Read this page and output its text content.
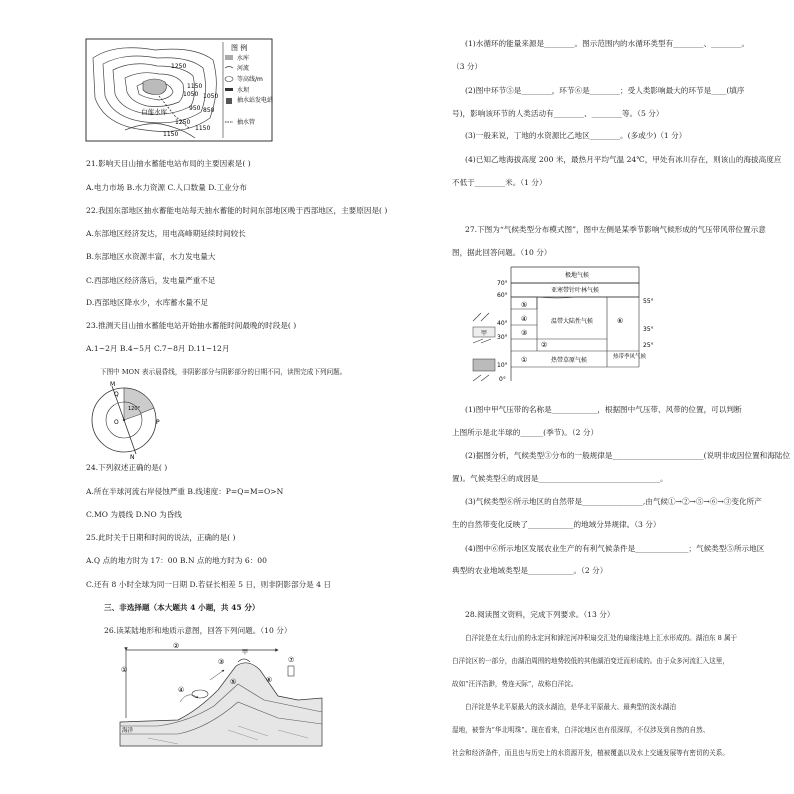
1250
1050
1150
1250
1050
950 850
1150
1150
白莲水库
图 例
水库
河流
等高线/m
水坝
抽水站发电站
抽水管
21.影响天目山抽水蓄能电站布局的主要因素是( )
A.电力市场 B.水力资源 C.人口数量 D.工业分布
22.我国东部地区抽水蓄能电站每天抽水蓄能的时间东部地区晚于西部地区，主要原因是( )
A.东部地区经济发达，用电高峰期延续时间较长
B.东部地区水资源丰富，水力发电量大
C.西部地区经济落后，发电量严重不足
D.西部地区降水少，水库蓄水量不足
23.推测天目山抽水蓄能电站开始抽水蓄能时间最晚的时段是( )
A.1~2月 B.4~5月 C.7~8月 D.11~12月
下图中 MON 表示晨昏线，非阴影部分与阴影部分的日期不同，读图完成下列问题。
M
O
Q
N
P
120°
24.下列叙述正确的是( )
A.所在半球河流右岸侵蚀严重 B.线速度：P=Q=M=O>N
C.MO 为晨线 D.NO 为昏线
25.此时关于日期和时间的说法，正确的是( )
A.Q 点的地方时为 17：00 B.N 点的地方时为 6：00
C.还有 8 小时全球为同一日期 D.若昼长相差 5 日，则非阴影部分是 4 日
三、非选择题（本大题共 4 小题，共 45 分）
26.读某陆地形和地质示意图，回答下列问题。（10 分）
①
②
③
④
⑤	⑥
⑦
甲
海洋
(1)水循环的能量来源是________。图示范围内的水循环类型有________、________。
（3 分）
(2)图中环节⑤是________，环节⑥是________；受人类影响最大的环节是____(填序
号)，影响该环节的人类活动有________、________等。（5 分）
(3)一般来说，丁地的水资源比乙地区________。(多或少)（1 分）
(4)已知乙地海拔高度 200 米，最热月平均气温 24℃，甲处有冰川存在，则该山的海拔高度应
不低于________米。（1 分）
27.下图为“气候类型分布模式图”，图中左侧是某季节影响气候形成的气压带风带位置示意
图，据此回答问题。（10 分）
70°
60°
40°
30°
10°
0°
55°
35°
25°
极地气候
亚寒带针叶林气候
温带大陆性气候
热带草原气候	热带季风气候
⑤
④
③
②
①
⑥
甲
(1)图中甲气压带的名称是____________，根据图中气压带、风带的位置，可以判断
上图所示是北半球的______(季节)。（2 分）
(2)据图分析，气候类型③分布的一般规律是________________________(说明非成因位置和海陆位
置)。气候类型④的成因是________________________________。
(3)气候类型⑥所示地区的自然带是________________,由气候①→②→⑤→⑥→③变化所产
生的自然带变化反映了____________的地域分异规律。（3 分）
(4)图中⑥所示地区发展农业生产的有利气候条件是______________；气候类型⑤所示地区
典型的农业地域类型是____________。（2 分）
28.阅读图文资料，完成下列要求。（13 分）
白洋淀是在太行山前的永定河和滹沱河冲积扇交汇处的扇缘洼地上汇水形成的。湖泊东 8 属于
白洋淀区的一部分，由湖泊周围的地势较低的其他湖泊变迁而形成的。由于众多河流汇入这里，
故如“汪洋浩渺，势连天际”，故称白洋淀。
白洋淀是华北平原最大的淡水湖泊，是华北平原最大、最典型的淡水湖泊
湿地，被誉为“华北明珠”。现在看来，白洋淀地区也有很深厚，不仅涉及到自然的自然、
社会和经济条件，而且也与历史上的水资源开发，植被覆盖以及水上交通发展等有密切的关系。
